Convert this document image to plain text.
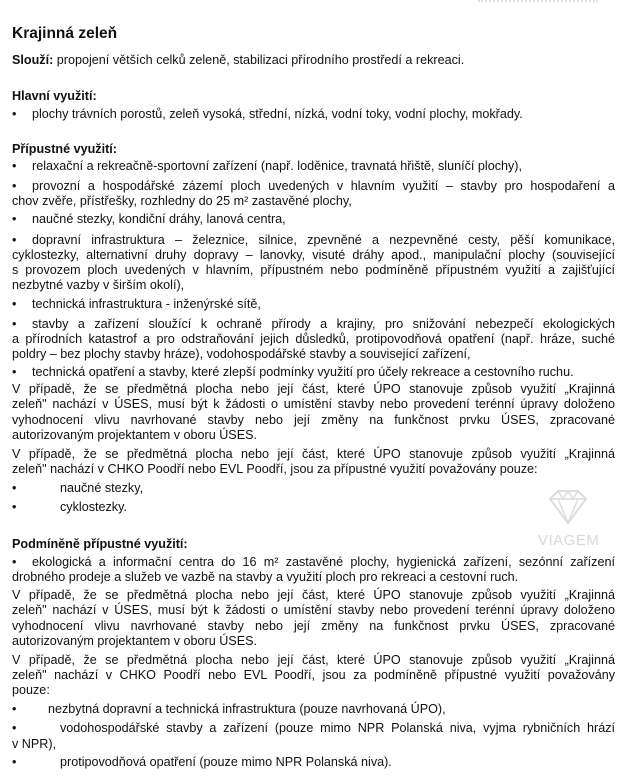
Krajinná zeleň
Slouží: propojení větších celků zeleně, stabilizaci přírodního prostředí a rekreaci.
Hlavní využití:
• plochy trávních porostů, zeleň vysoká, střední, nízká, vodní toky, vodní plochy, mokřady.
Přípustné využití:
• relaxační a rekreačně-sportovní zařízení (např. loděnice, travnatá hřiště, sluníčí plochy),
• provozní a hospodářské zázemí ploch uvedených v hlavním využití – stavby pro hospodaření a
chov zvěře, přístřešky, rozhledny do 25 m² zastavěné plochy,
• naučné stezky, kondiční dráhy, lanová centra,
• dopravní infrastruktura – železnice, silnice, zpevněné a nezpevněné cesty, pěší komunikace,
cyklostezky, alternativní druhy dopravy – lanovky, visuté dráhy apod., manipulační plochy (související
s provozem ploch uvedených v hlavním, přípustném nebo podmíněně přípustném využití a zajišťující
nezbytné vazby v širším okolí),
• technická infrastruktura - inženýrské sítě,
• stavby a zařízení sloužící k ochraně přírody a krajiny, pro snižování nebezpečí ekologických
a přírodních katastrof a pro odstraňování jejich důsledků, protipovodňová opatření (např. hráze, suché
poldry – bez plochy stavby hráze), vodohospodářské stavby a související zařízení,
• technická opatření a stavby, které zlepší podmínky využití pro účely rekreace a cestovního ruchu.
V případě, že se předmětná plocha nebo její část, které ÚPO stanovuje způsob využití „Krajinná
zeleň" nachází v ÚSES, musí být k žádosti o umístění stavby nebo provedení terénní úpravy doloženo
vyhodnocení vlivu navrhované stavby nebo její změny na funkčnost prvku ÚSES, zpracované
autorizovaným projektantem v oboru ÚSES.
V případě, že se předmětná plocha nebo její část, které ÚPO stanovuje způsob využití „Krajinná
zeleň" nachází v CHKO Poodří nebo EVL Poodří, jsou za přípustné využití považovány pouze:
•	naučné stezky,
•	cyklostezky.
Podmíněně přípustné využití:
• ekologická a informační centra do 16 m² zastavěné plochy, hygienická zařízení, sezónní zařízení
drobného prodeje a služeb ve vazbě na stavby a využití ploch pro rekreaci a cestovní ruch.
V případě, že se předmětná plocha nebo její část, které ÚPO stanovuje způsob využití „Krajinná
zeleň" nachází v ÚSES, musí být k žádosti o umístění stavby nebo provedení terénní úpravy doloženo
vyhodnocení vlivu navrhované stavby nebo její změny na funkčnost prvku ÚSES, zpracované
autorizovaným projektantem v oboru ÚSES.
V případě, že se předmětná plocha nebo její část, které ÚPO stanovuje způsob využití „Krajinná
zeleň" nachází v CHKO Poodří nebo EVL Poodří, jsou za podmíněně přípustné využití považovány
pouze:
•	nezbytná dopravní a technická infrastruktura (pouze navrhovaná ÚPO),
•	vodohospodářské stavby a zařízení (pouze mimo NPR Polanská niva, vyjma rybničních hrází
v NPR),
•	protipovodňová opatření (pouze mimo NPR Polanská niva).
VIAGEM
